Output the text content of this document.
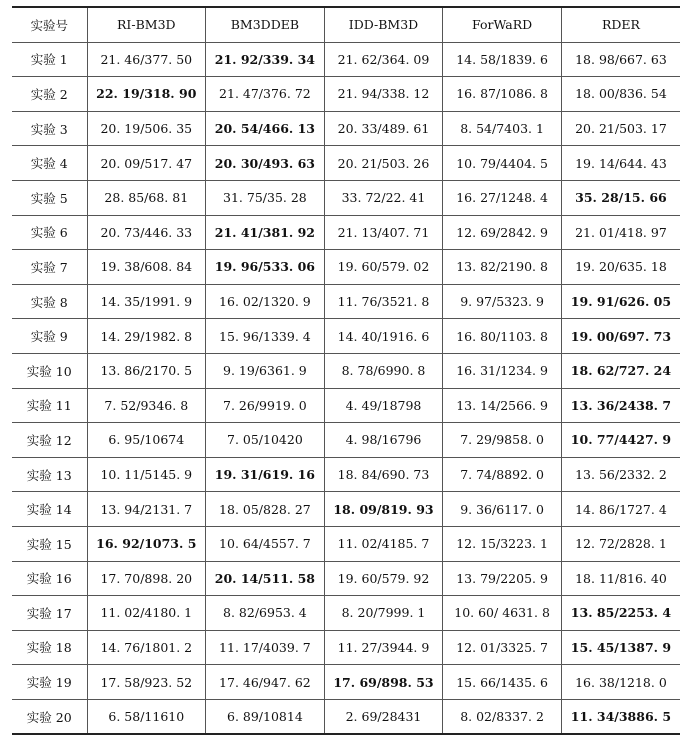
实验号	RI-BM3D	BM3DDEB	IDD-BM3D	ForWaRD	RDER
实验 1	21. 46/377. 50	21. 92/339. 34	21. 62/364. 09	14. 58/1839. 6	18. 98/667. 63
实验 2	22. 19/318. 90	21. 47/376. 72	21. 94/338. 12	16. 87/1086. 8	18. 00/836. 54
实验 3	20. 19/506. 35	20. 54/466. 13	20. 33/489. 61	8. 54/7403. 1	20. 21/503. 17
实验 4	20. 09/517. 47	20. 30/493. 63	20. 21/503. 26	10. 79/4404. 5	19. 14/644. 43
实验 5	28. 85/68. 81	31. 75/35. 28	33. 72/22. 41	16. 27/1248. 4	35. 28/15. 66
实验 6	20. 73/446. 33	21. 41/381. 92	21. 13/407. 71	12. 69/2842. 9	21. 01/418. 97
实验 7	19. 38/608. 84	19. 96/533. 06	19. 60/579. 02	13. 82/2190. 8	19. 20/635. 18
实验 8	14. 35/1991. 9	16. 02/1320. 9	11. 76/3521. 8	9. 97/5323. 9	19. 91/626. 05
实验 9	14. 29/1982. 8	15. 96/1339. 4	14. 40/1916. 6	16. 80/1103. 8	19. 00/697. 73
实验 10	13. 86/2170. 5	9. 19/6361. 9	8. 78/6990. 8	16. 31/1234. 9	18. 62/727. 24
实验 11	7. 52/9346. 8	7. 26/9919. 0	4. 49/18798	13. 14/2566. 9	13. 36/2438. 7
实验 12	6. 95/10674	7. 05/10420	4. 98/16796	7. 29/9858. 0	10. 77/4427. 9
实验 13	10. 11/5145. 9	19. 31/619. 16	18. 84/690. 73	7. 74/8892. 0	13. 56/2332. 2
实验 14	13. 94/2131. 7	18. 05/828. 27	18. 09/819. 93	9. 36/6117. 0	14. 86/1727. 4
实验 15	16. 92/1073. 5	10. 64/4557. 7	11. 02/4185. 7	12. 15/3223. 1	12. 72/2828. 1
实验 16	17. 70/898. 20	20. 14/511. 58	19. 60/579. 92	13. 79/2205. 9	18. 11/816. 40
实验 17	11. 02/4180. 1	8. 82/6953. 4	8. 20/7999. 1	10. 60/ 4631. 8	13. 85/2253. 4
实验 18	14. 76/1801. 2	11. 17/4039. 7	11. 27/3944. 9	12. 01/3325. 7	15. 45/1387. 9
实验 19	17. 58/923. 52	17. 46/947. 62	17. 69/898. 53	15. 66/1435. 6	16. 38/1218. 0
实验 20	6. 58/11610	6. 89/10814	2. 69/28431	8. 02/8337. 2	11. 34/3886. 5
